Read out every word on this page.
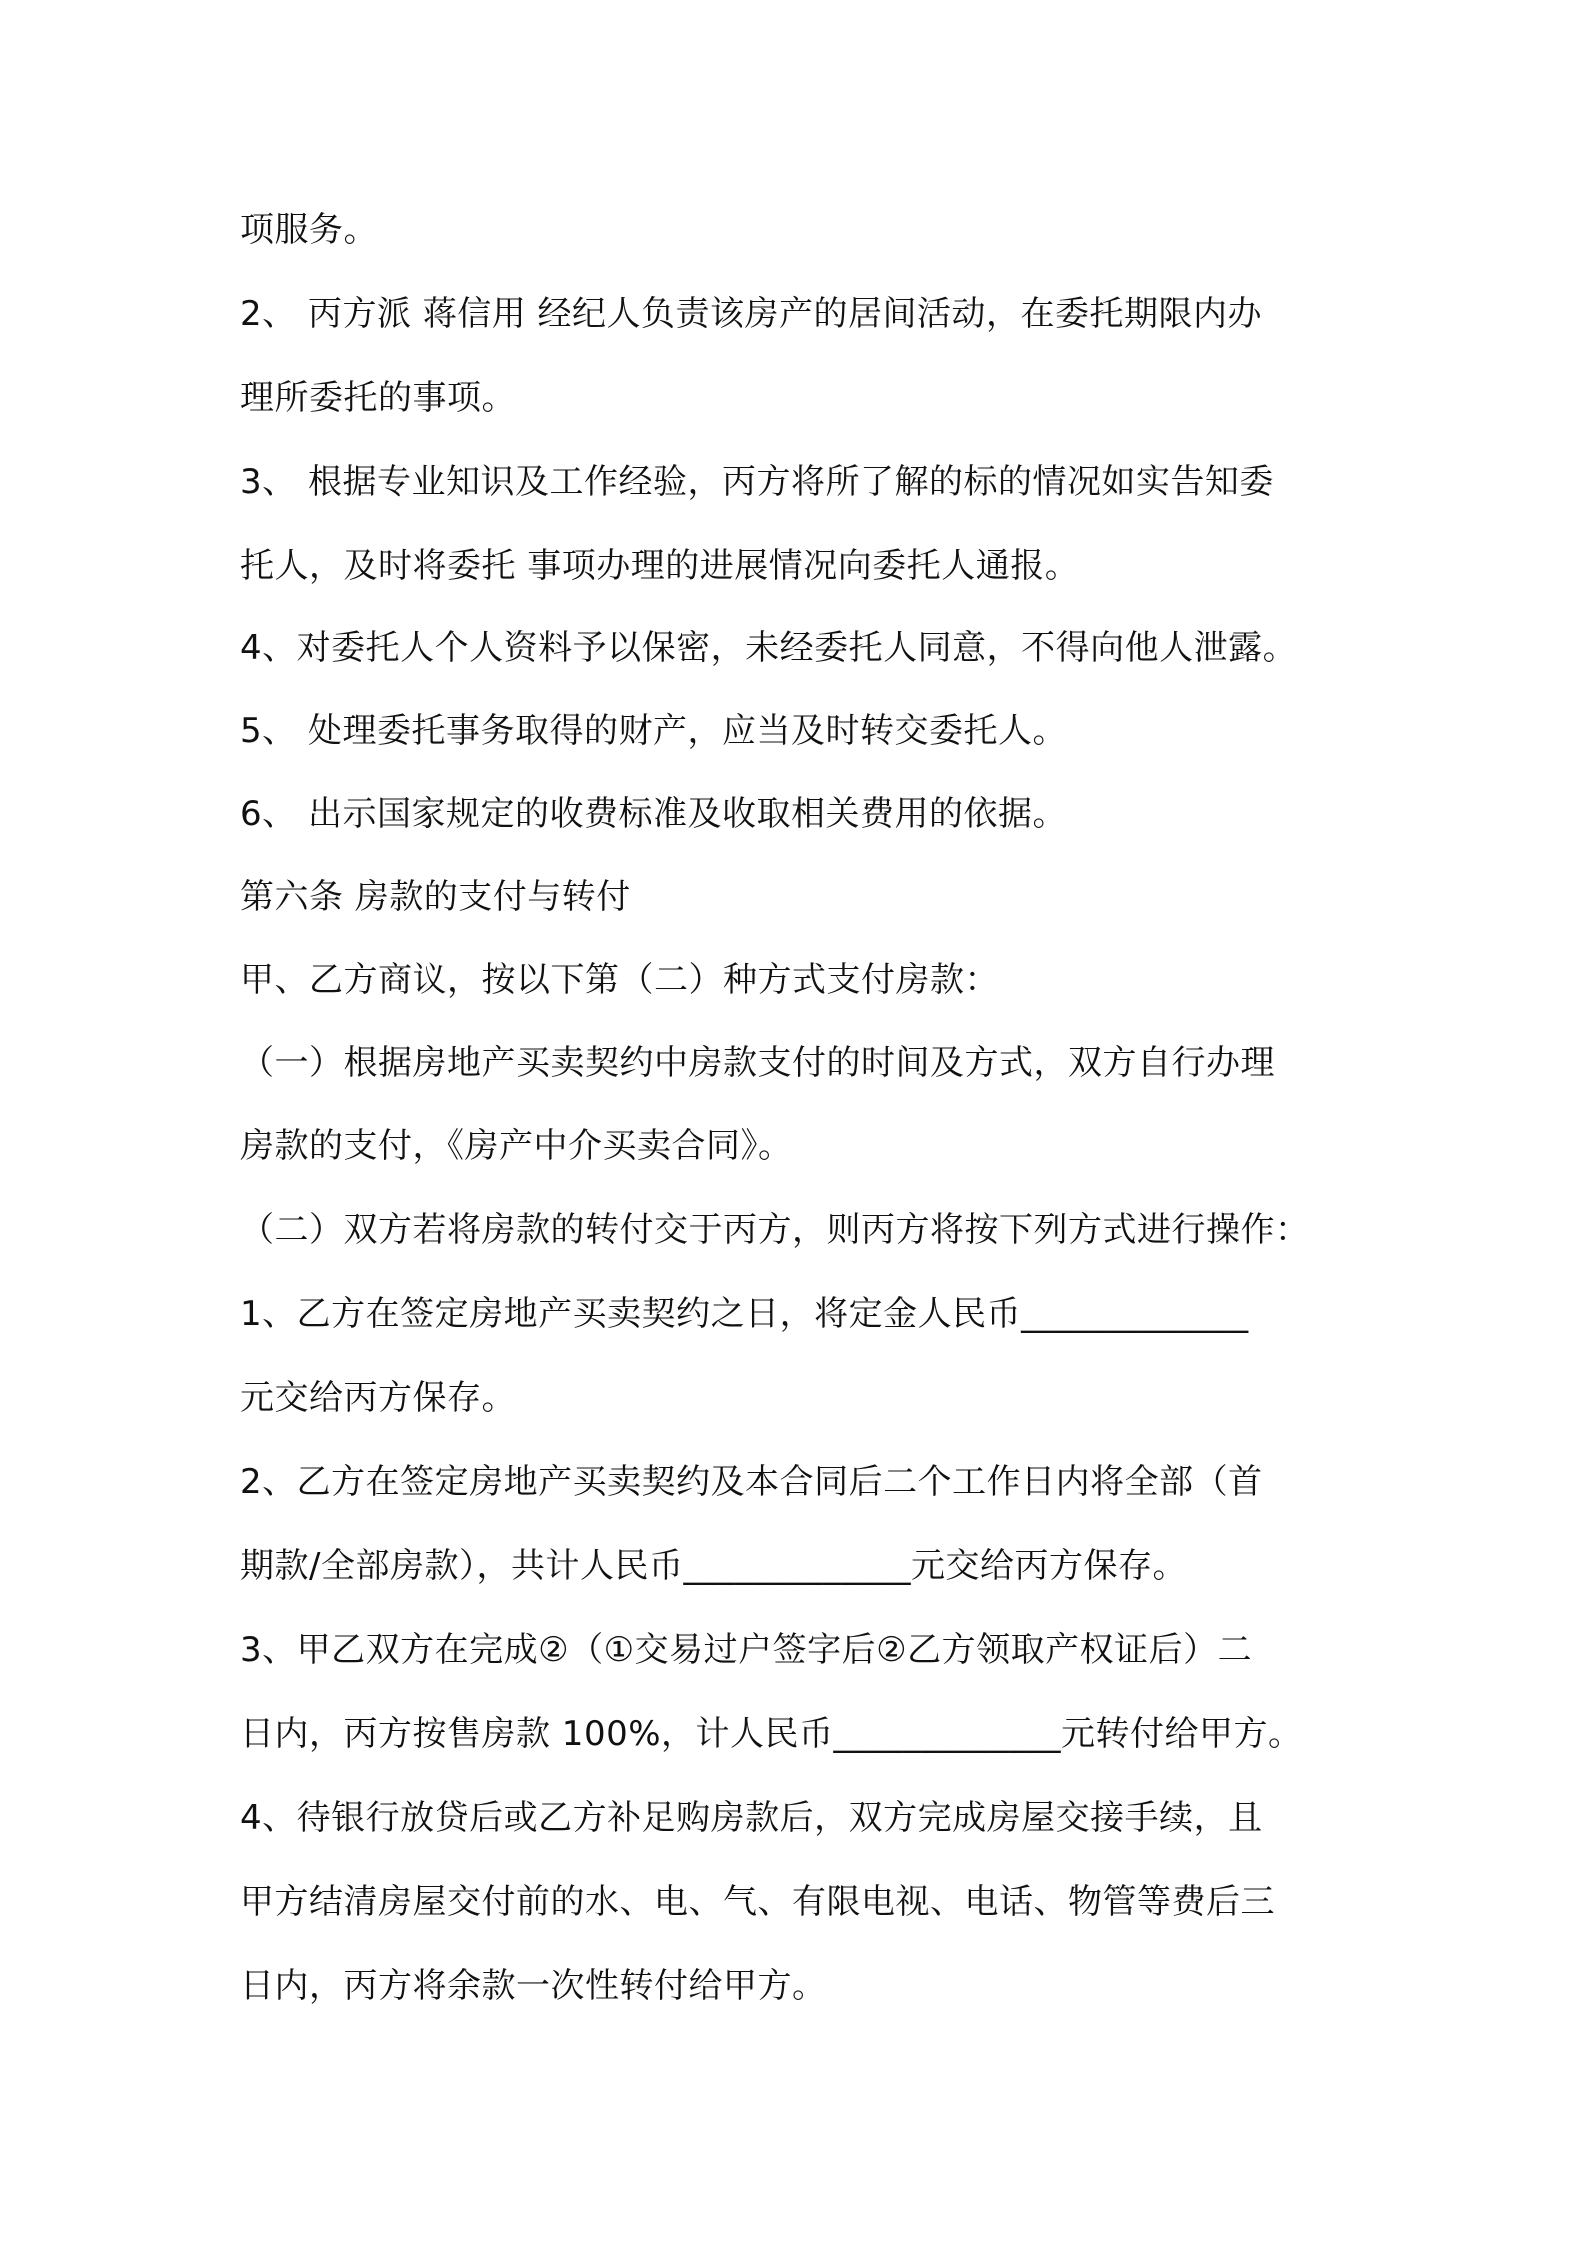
项服务。

2、 丙方派 蒋信用 经纪人负责该房产的居间活动，在委托期限内办

理所委托的事项。

3、 根据专业知识及工作经验，丙方将所了解的标的情况如实告知委

托人，及时将委托 事项办理的进展情况向委托人通报。

4、对委托人个人资料予以保密，未经委托人同意，不得向他人泄露。

5、 处理委托事务取得的财产，应当及时转交委托人。

6、 出示国家规定的收费标准及收取相关费用的依据。

第六条 房款的支付与转付

甲、乙方商议，按以下第（二）种方式支付房款：

（一）根据房地产买卖契约中房款支付的时间及方式，双方自行办理

房款的支付，《房产中介买卖合同》。

（二）双方若将房款的转付交于丙方，则丙方将按下列方式进行操作：

1、乙方在签定房地产买卖契约之日，将定金人民币_____________

元交给丙方保存。

2、乙方在签定房地产买卖契约及本合同后二个工作日内将全部（首

期款/全部房款），共计人民币_____________元交给丙方保存。

3、甲乙双方在完成②（①交易过户签字后②乙方领取产权证后）二

日内，丙方按售房款 100%，计人民币_____________元转付给甲方。

4、待银行放贷后或乙方补足购房款后，双方完成房屋交接手续，且

甲方结清房屋交付前的水、电、气、有限电视、电话、物管等费后三

日内，丙方将余款一次性转付给甲方。
